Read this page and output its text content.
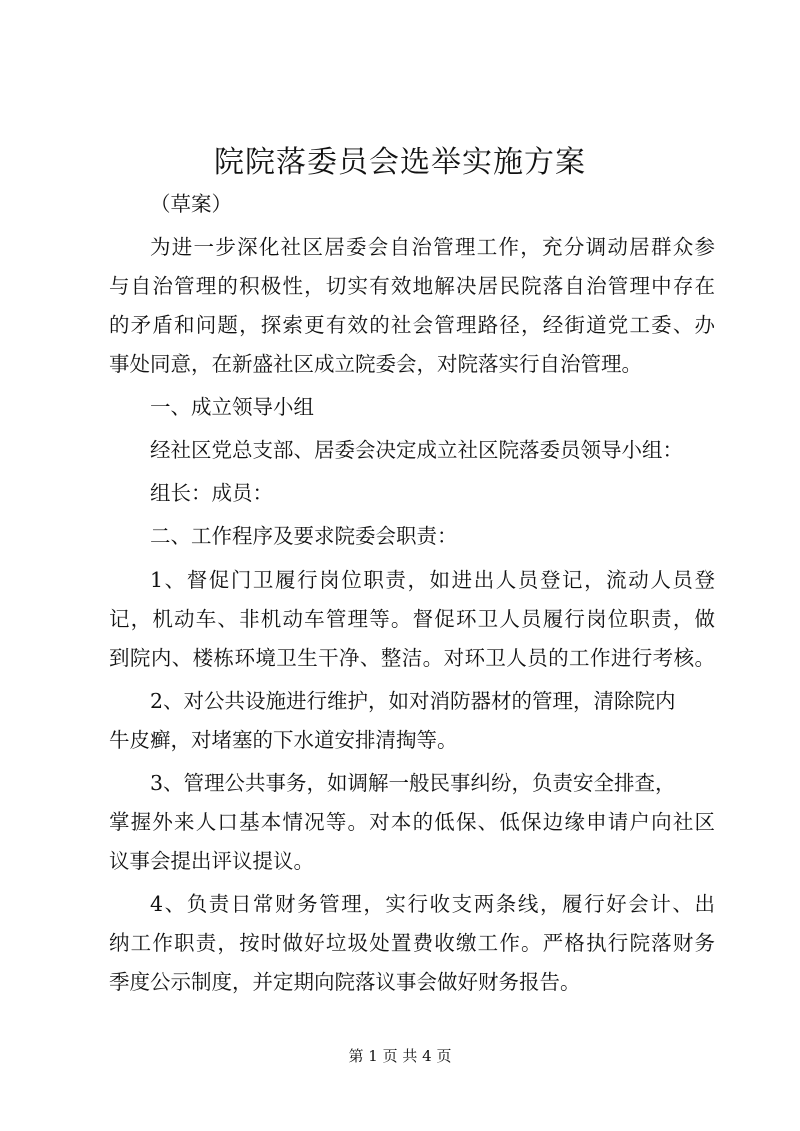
院院落委员会选举实施方案
（草案）
为进一步深化社区居委会自治管理工作，充分调动居群众参
与自治管理的积极性，切实有效地解决居民院落自治管理中存在
的矛盾和问题，探索更有效的社会管理路径，经街道党工委、办
事处同意，在新盛社区成立院委会，对院落实行自治管理。
一、成立领导小组
经社区党总支部、居委会决定成立社区院落委员领导小组：
组长：成员：
二、工作程序及要求院委会职责：
1、督促门卫履行岗位职责，如进出人员登记，流动人员登
记，机动车、非机动车管理等。督促环卫人员履行岗位职责，做
到院内、楼栋环境卫生干净、整洁。对环卫人员的工作进行考核。
2、对公共设施进行维护，如对消防器材的管理，清除院内
牛皮癣，对堵塞的下水道安排清掏等。
3、管理公共事务，如调解一般民事纠纷，负责安全排查，
掌握外来人口基本情况等。对本的低保、低保边缘申请户向社区
议事会提出评议提议。
4、负责日常财务管理，实行收支两条线，履行好会计、出
纳工作职责，按时做好垃圾处置费收缴工作。严格执行院落财务
季度公示制度，并定期向院落议事会做好财务报告。
第 1 页 共 4 页
